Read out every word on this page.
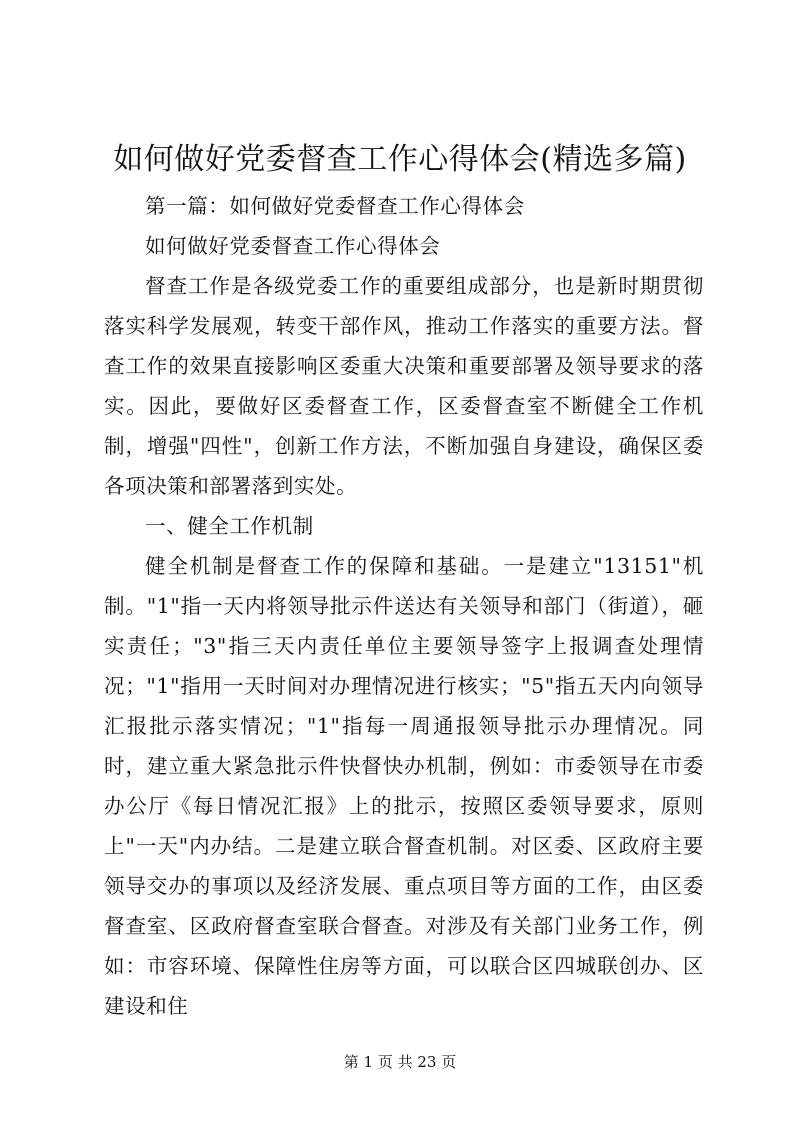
如何做好党委督查工作心得体会(精选多篇)

第一篇：如何做好党委督查工作心得体会

如何做好党委督查工作心得体会

督查工作是各级党委工作的重要组成部分，也是新时期贯彻落实科学发展观，转变干部作风，推动工作落实的重要方法。督查工作的效果直接影响区委重大决策和重要部署及领导要求的落实。因此，要做好区委督查工作，区委督查室不断健全工作机制，增强"四性"，创新工作方法，不断加强自身建设，确保区委各项决策和部署落到实处。

一、健全工作机制

健全机制是督查工作的保障和基础。一是建立"13151"机制。"1"指一天内将领导批示件送达有关领导和部门（街道），砸实责任；"3"指三天内责任单位主要领导签字上报调查处理情况；"1"指用一天时间对办理情况进行核实；"5"指五天内向领导汇报批示落实情况；"1"指每一周通报领导批示办理情况。同时，建立重大紧急批示件快督快办机制，例如：市委领导在市委办公厅《每日情况汇报》上的批示，按照区委领导要求，原则上"一天"内办结。二是建立联合督查机制。对区委、区政府主要领导交办的事项以及经济发展、重点项目等方面的工作，由区委督查室、区政府督查室联合督查。对涉及有关部门业务工作，例如：市容环境、保障性住房等方面，可以联合区四城联创办、区建设和住

第 1 页 共 23 页
